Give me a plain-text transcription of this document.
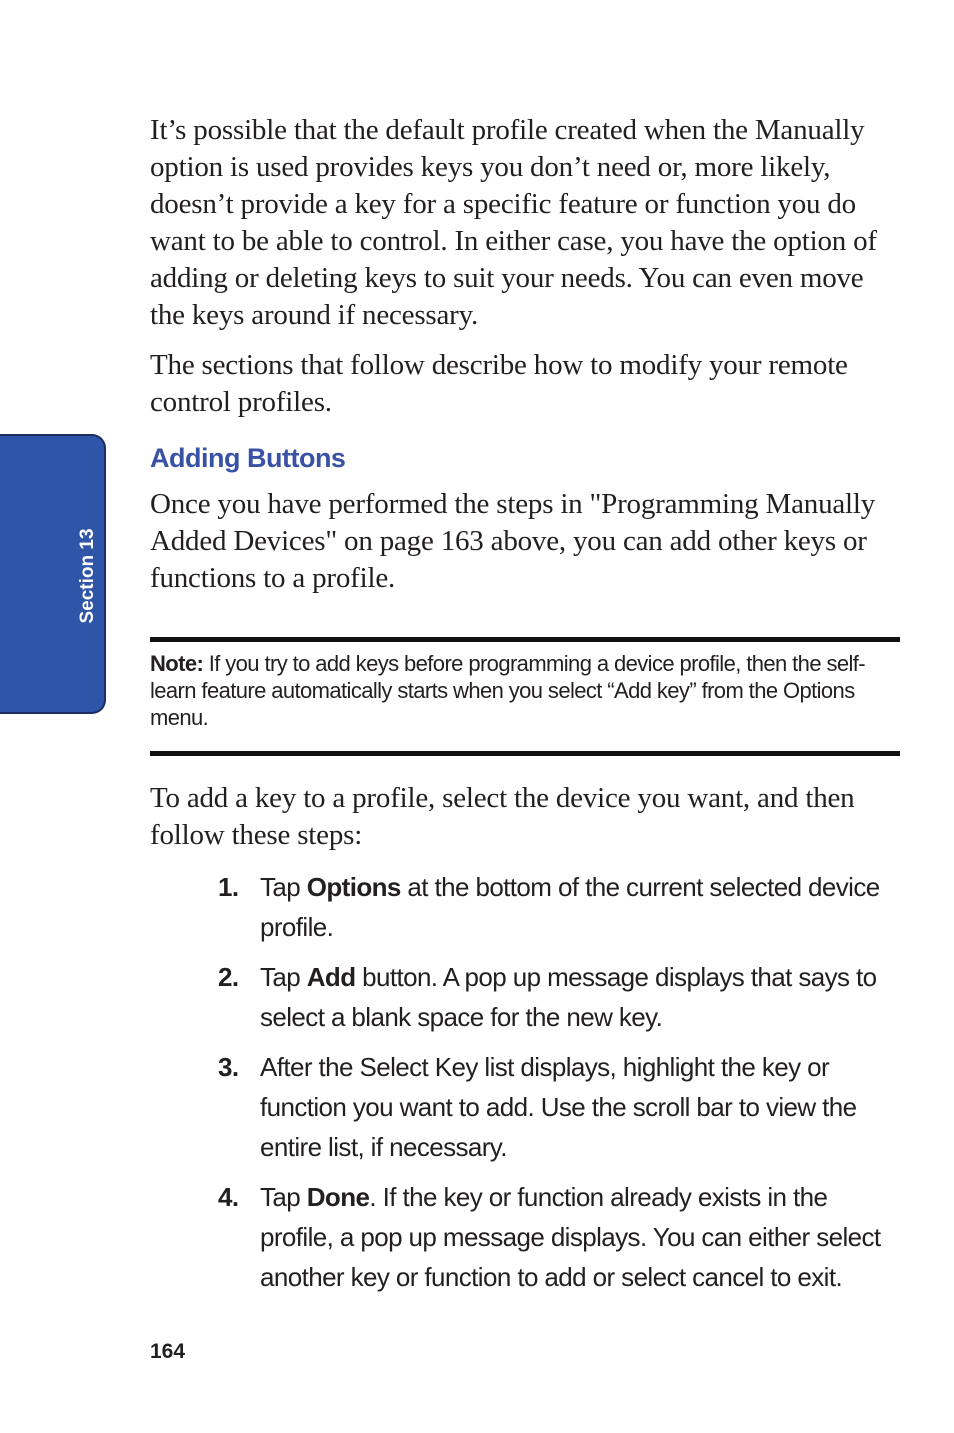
Section 13

It’s possible that the default profile created when the Manually option is used provides keys you don’t need or, more likely, doesn’t provide a key for a specific feature or function you do want to be able to control. In either case, you have the option of adding or deleting keys to suit your needs. You can even move the keys around if necessary.

The sections that follow describe how to modify your remote control profiles.

Adding Buttons

Once you have performed the steps in "Programming Manually Added Devices" on page 163 above, you can add other keys or functions to a profile.

Note: If you try to add keys before programming a device profile, then the self-learn feature automatically starts when you select “Add key” from the Options menu.

To add a key to a profile, select the device you want, and then follow these steps:

1. Tap Options at the bottom of the current selected device profile.
2. Tap Add button. A pop up message displays that says to select a blank space for the new key.
3. After the Select Key list displays, highlight the key or function you want to add. Use the scroll bar to view the entire list, if necessary.
4. Tap Done. If the key or function already exists in the profile, a pop up message displays. You can either select another key or function to add or select cancel to exit.
164
